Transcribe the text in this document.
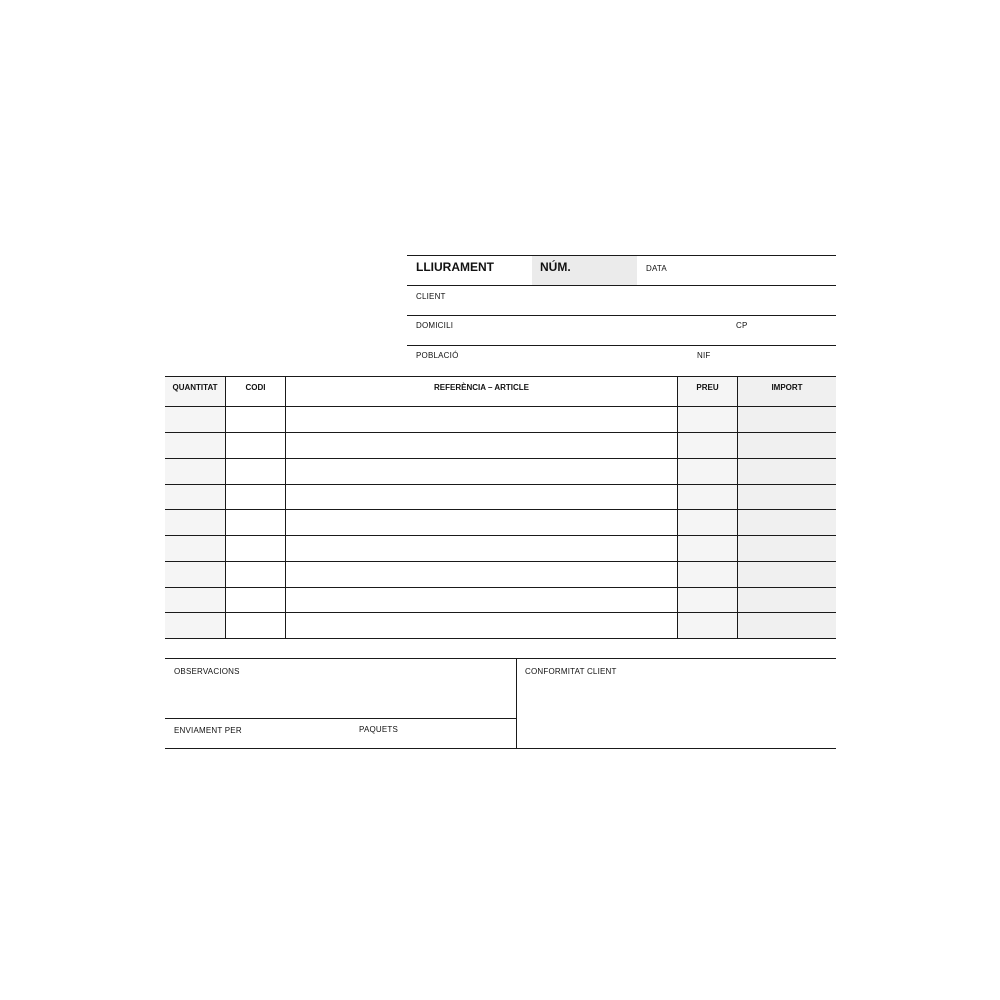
LLIURAMENT	NÚM.	DATA
CLIENT
DOMICILI	CP
POBLACIÓ	NIF
QUANTITAT	CODI	REFERÈNCIA – ARTICLE	PREU	IMPORT
OBSERVACIONS
ENVIAMENT PER	PAQUETS
CONFORMITAT CLIENT
